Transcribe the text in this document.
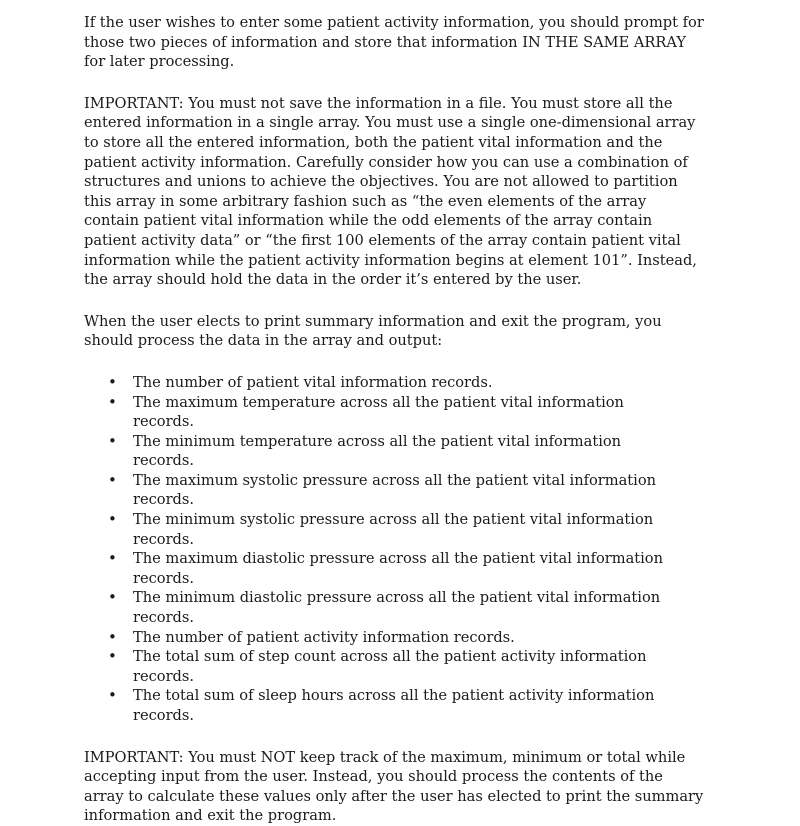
If the user wishes to enter some patient activity information, you should prompt for those two pieces of information and store that information IN THE SAME ARRAY for later processing.

IMPORTANT: You must not save the information in a file. You must store all the entered information in a single array. You must use a single one-dimensional array to store all the entered information, both the patient vital information and the patient activity information. Carefully consider how you can use a combination of structures and unions to achieve the objectives. You are not allowed to partition this array in some arbitrary fashion such as “the even elements of the array contain patient vital information while the odd elements of the array contain patient activity data” or “the first 100 elements of the array contain patient vital information while the patient activity information begins at element 101”. Instead, the array should hold the data in the order it’s entered by the user.

When the user elects to print summary information and exit the program, you should process the data in the array and output:

• The number of patient vital information records.
• The maximum temperature across all the patient vital information records.
• The minimum temperature across all the patient vital information records.
• The maximum systolic pressure across all the patient vital information records.
• The minimum systolic pressure across all the patient vital information records.
• The maximum diastolic pressure across all the patient vital information records.
• The minimum diastolic pressure across all the patient vital information records.
• The number of patient activity information records.
• The total sum of step count across all the patient activity information records.
• The total sum of sleep hours across all the patient activity information records.

IMPORTANT: You must NOT keep track of the maximum, minimum or total while accepting input from the user. Instead, you should process the contents of the array to calculate these values only after the user has elected to print the summary information and exit the program.
